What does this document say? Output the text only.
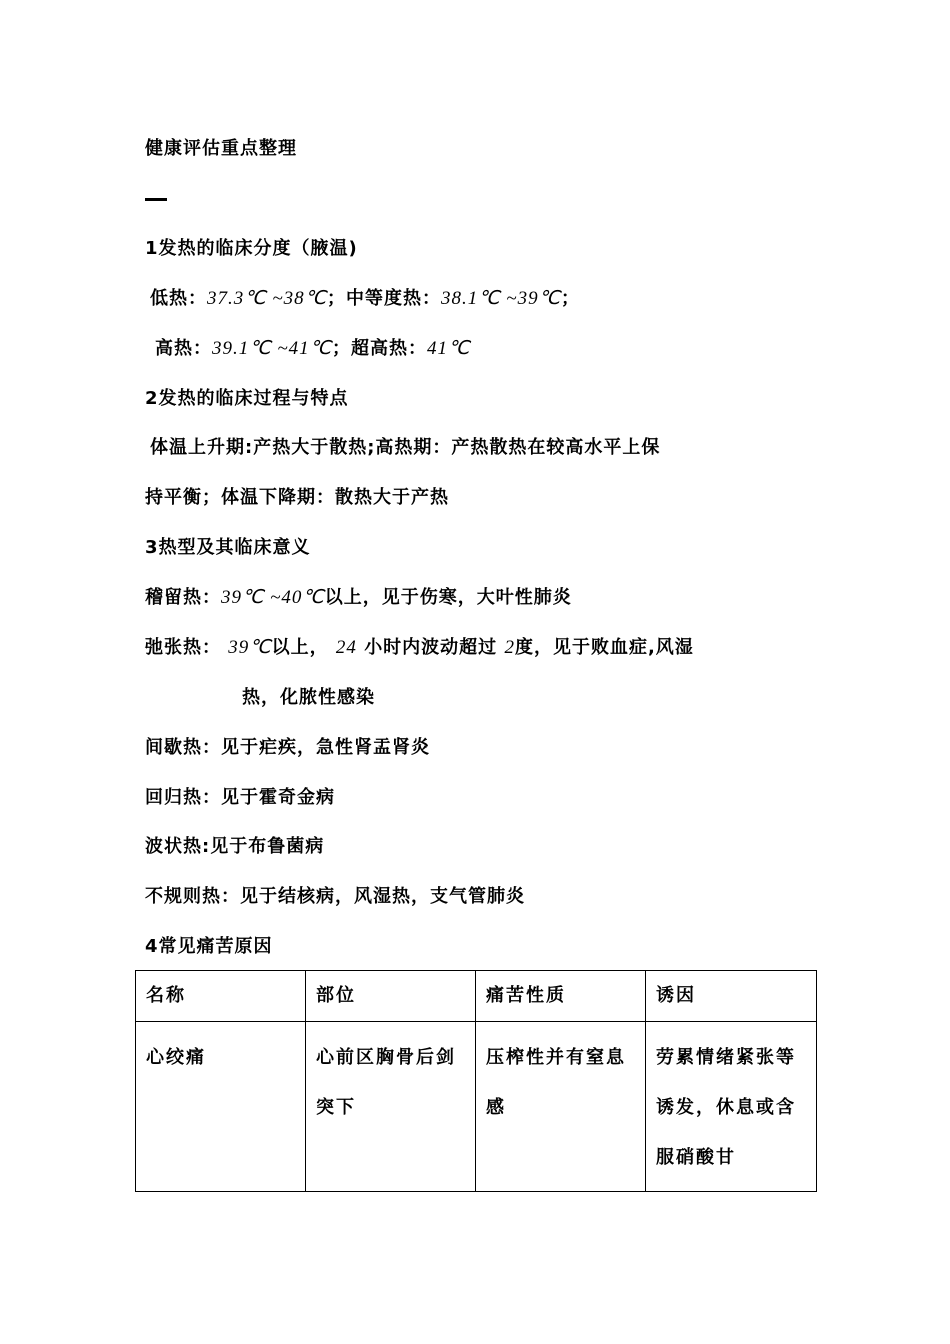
健康评估重点整理
1发热的临床分度（腋温)
低热：37.3℃ ~38℃；中等度热：38.1℃ ~39℃；
高热：39.1℃ ~41℃；超高热：41℃
2发热的临床过程与特点
体温上升期:产热大于散热;高热期：产热散热在较高水平上保
持平衡；体温下降期：散热大于产热
3热型及其临床意义
稽留热：39℃ ~40℃以上，见于伤寒，大叶性肺炎
弛张热： 39℃以上， 24 小时内波动超过 2度，见于败血症,风湿
热，化脓性感染
间歇热：见于疟疾，急性肾盂肾炎
回归热：见于霍奇金病
波状热:见于布鲁菌病
不规则热：见于结核病，风湿热，支气管肺炎
4常见痛苦原因
名称	部位	痛苦性质	诱因
心绞痛	心前区胸骨后剑突下	压榨性并有窒息感	劳累情绪紧张等诱发，休息或含服硝酸甘
